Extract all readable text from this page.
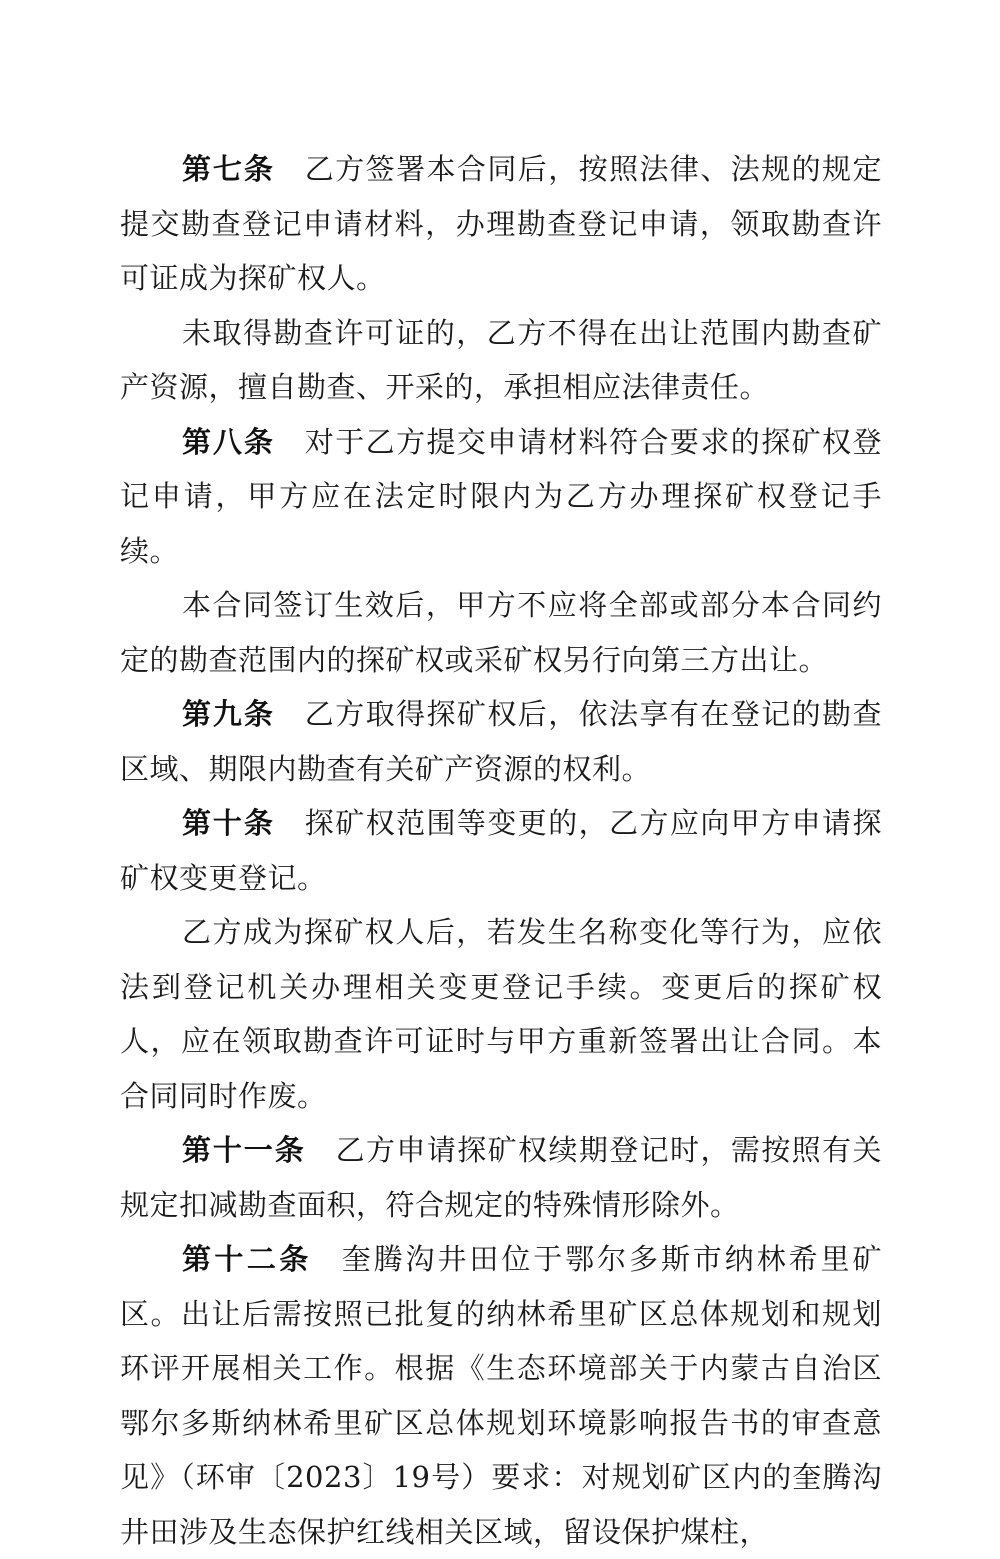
第七条 乙方签署本合同后，按照法律、法规的规定提交勘查登记申请材料，办理勘查登记申请，领取勘查许可证成为探矿权人。

未取得勘查许可证的，乙方不得在出让范围内勘查矿产资源，擅自勘查、开采的，承担相应法律责任。

第八条 对于乙方提交申请材料符合要求的探矿权登记申请，甲方应在法定时限内为乙方办理探矿权登记手续。

本合同签订生效后，甲方不应将全部或部分本合同约定的勘查范围内的探矿权或采矿权另行向第三方出让。

第九条 乙方取得探矿权后，依法享有在登记的勘查区域、期限内勘查有关矿产资源的权利。

第十条 探矿权范围等变更的，乙方应向甲方申请探矿权变更登记。

乙方成为探矿权人后，若发生名称变化等行为，应依法到登记机关办理相关变更登记手续。变更后的探矿权人，应在领取勘查许可证时与甲方重新签署出让合同。本合同同时作废。

第十一条 乙方申请探矿权续期登记时，需按照有关规定扣减勘查面积，符合规定的特殊情形除外。

第十二条 奎腾沟井田位于鄂尔多斯市纳林希里矿区。出让后需按照已批复的纳林希里矿区总体规划和规划环评开展相关工作。根据《生态环境部关于内蒙古自治区鄂尔多斯纳林希里矿区总体规划环境影响报告书的审查意见》（环审〔2023〕19号）要求：对规划矿区内的奎腾沟井田涉及生态保护红线相关区域，留设保护煤柱，
